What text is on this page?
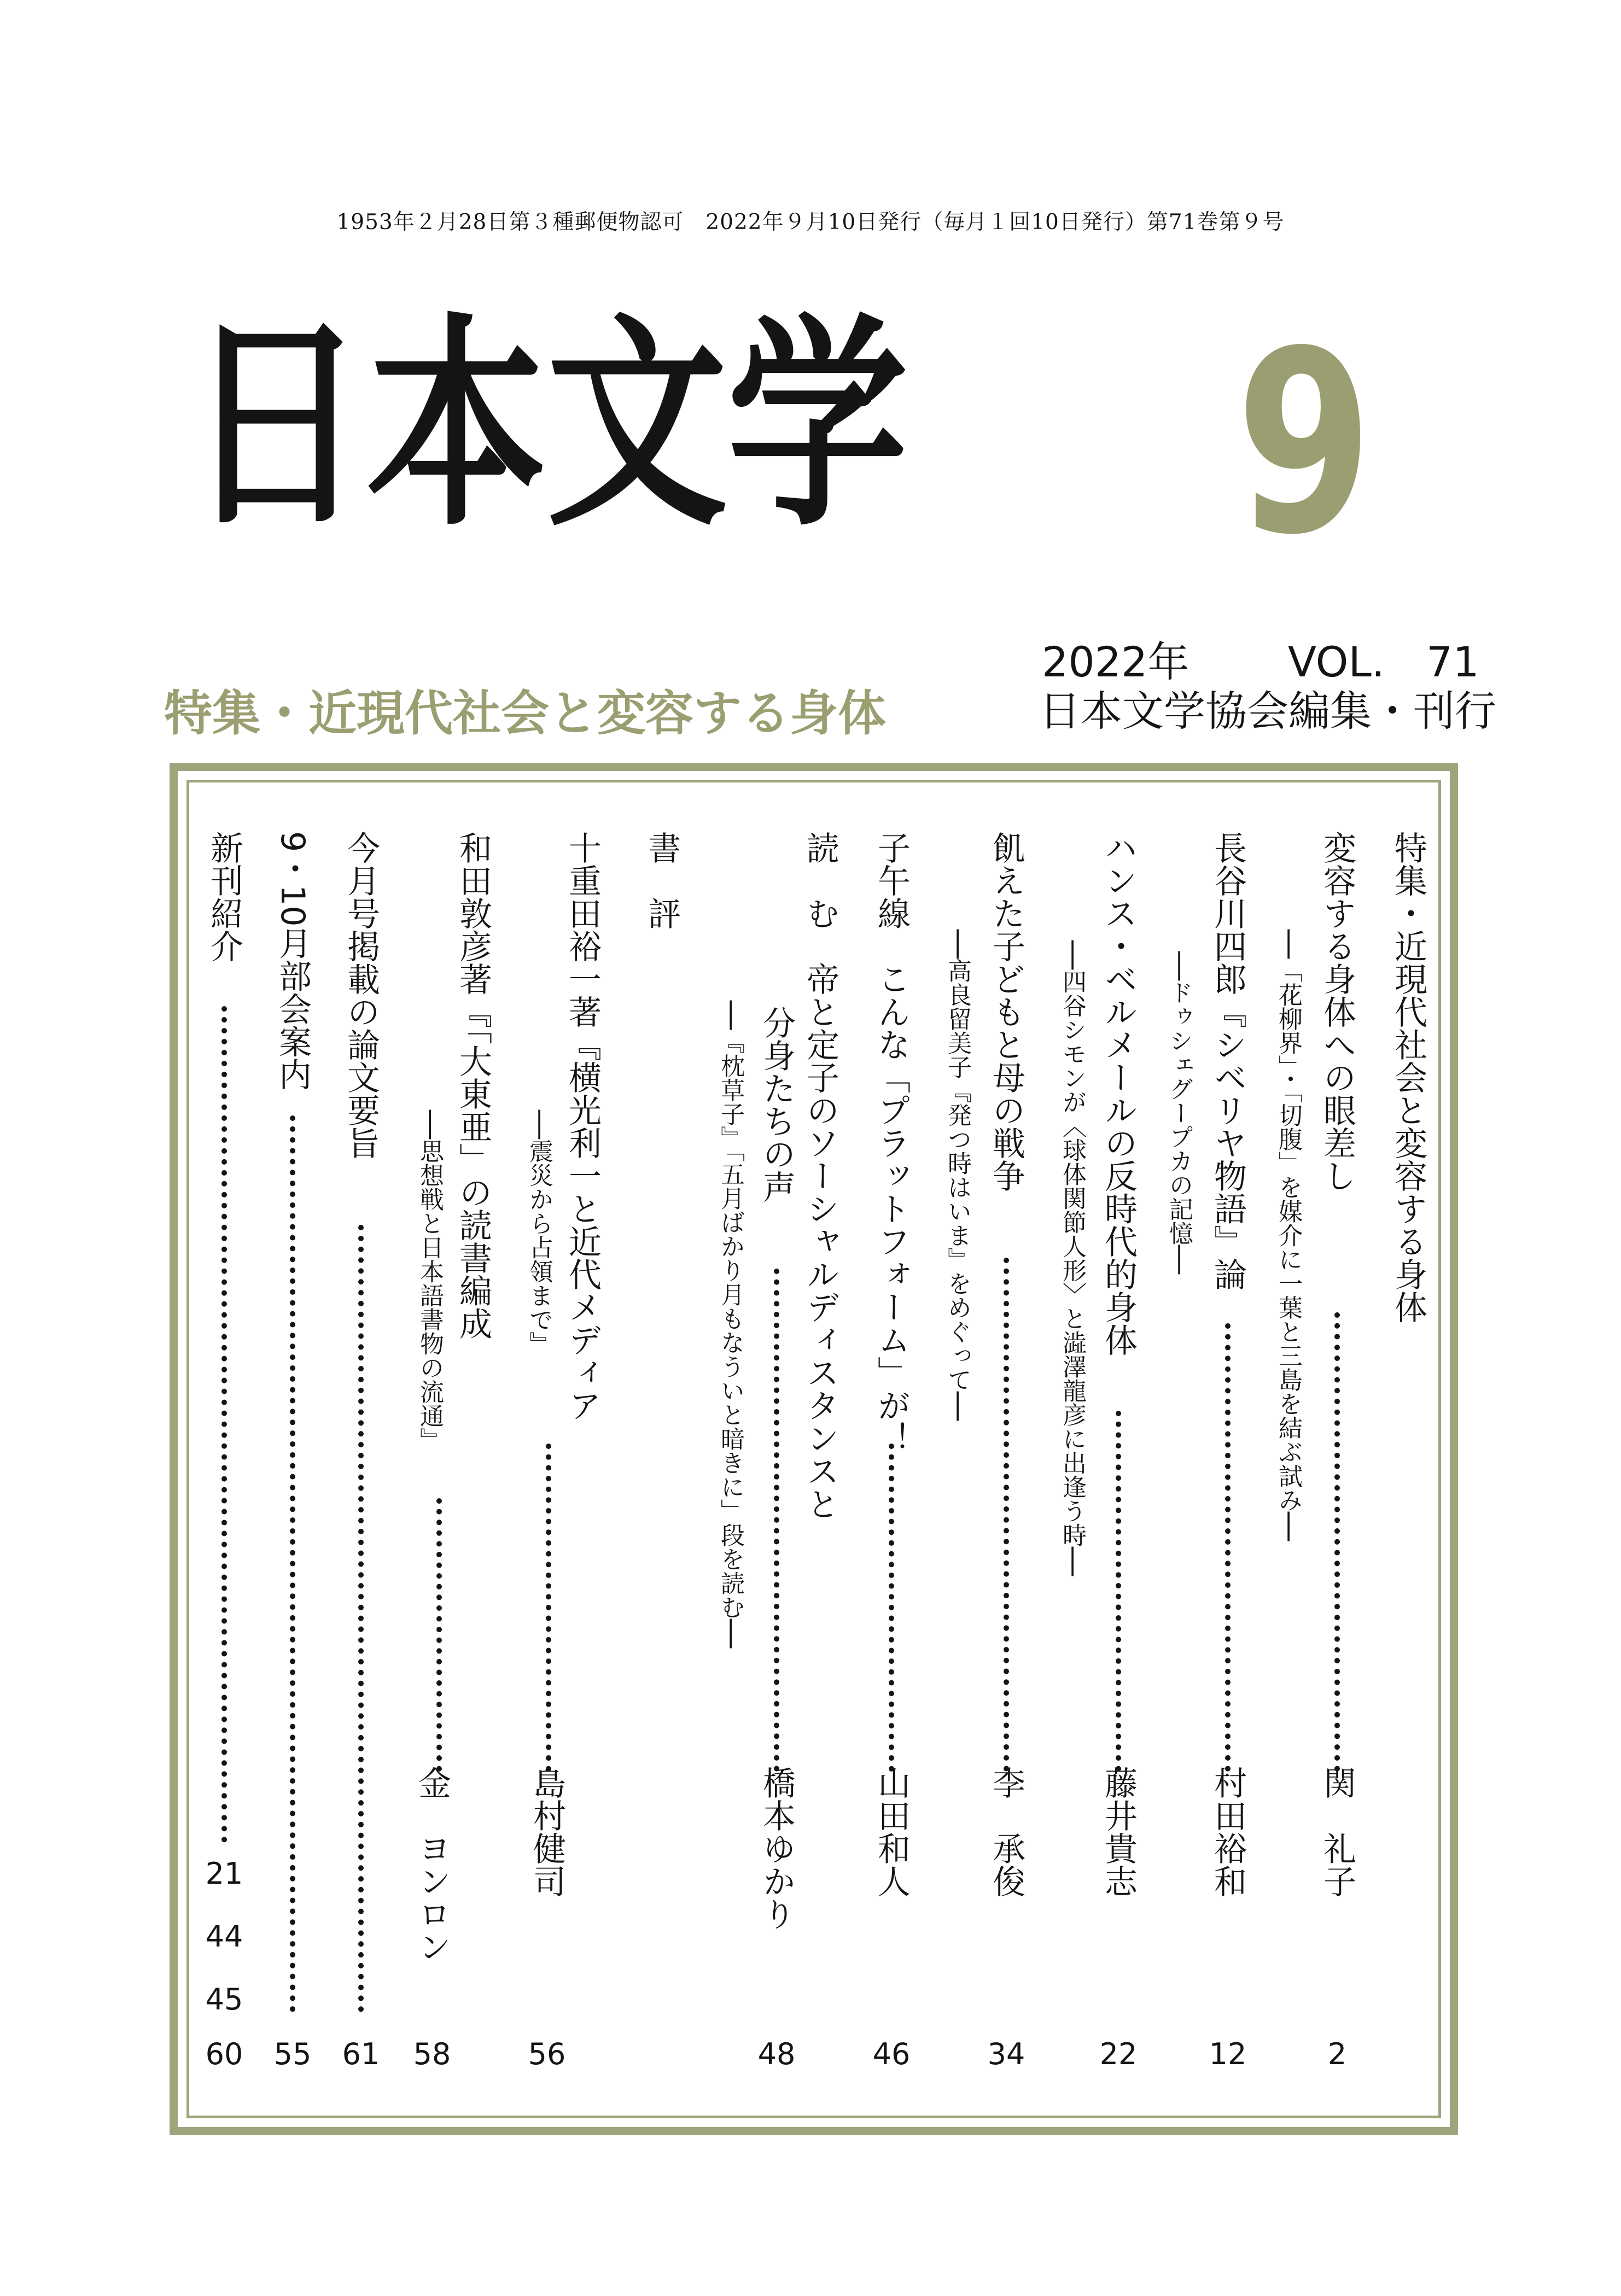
1953年２月28日第３種郵便物認可　2022年９月10日発行（毎月１回10日発行）第71巻第９号
日本文学 9
2022年 VOL.　71
日本文学協会編集・刊行
特集・近現代社会と変容する身体
特集・近現代社会と変容する身体
変容する身体への眼差し
──「花柳界」・「切腹」を媒介に一葉と三島を結ぶ試み──
関　礼子
2
長谷川四郎『シベリヤ物語』論
──ドゥシェグープカの記憶──
村田裕和
12
ハンス・ベルメールの反時代的身体
──四谷シモンが〈球体関節人形〉と澁澤龍彦に出逢う時──
藤井貴志
22
飢えた子どもと母の戦争
──高良留美子『発つ時はいま』をめぐって──
李　承俊
34
子午線
こんな「プラットフォーム」が！
山田和人
46
読　む
帝と定子のソーシャルディスタンスと
分身たちの声
──『枕草子』「五月ばかり月もなういと暗きに」段を読む──
橋本ゆかり
48
書　評
十重田裕一著『横光利一と近代メディア
──震災から占領まで』
島村健司
56
和田敦彦著『「大東亜」の読書編成
──思想戦と日本語書物の流通』
金　ヨンロン
58
今月号掲載の論文要旨
61
9・10月部会案内
55
新刊紹介
21
44
45
60
